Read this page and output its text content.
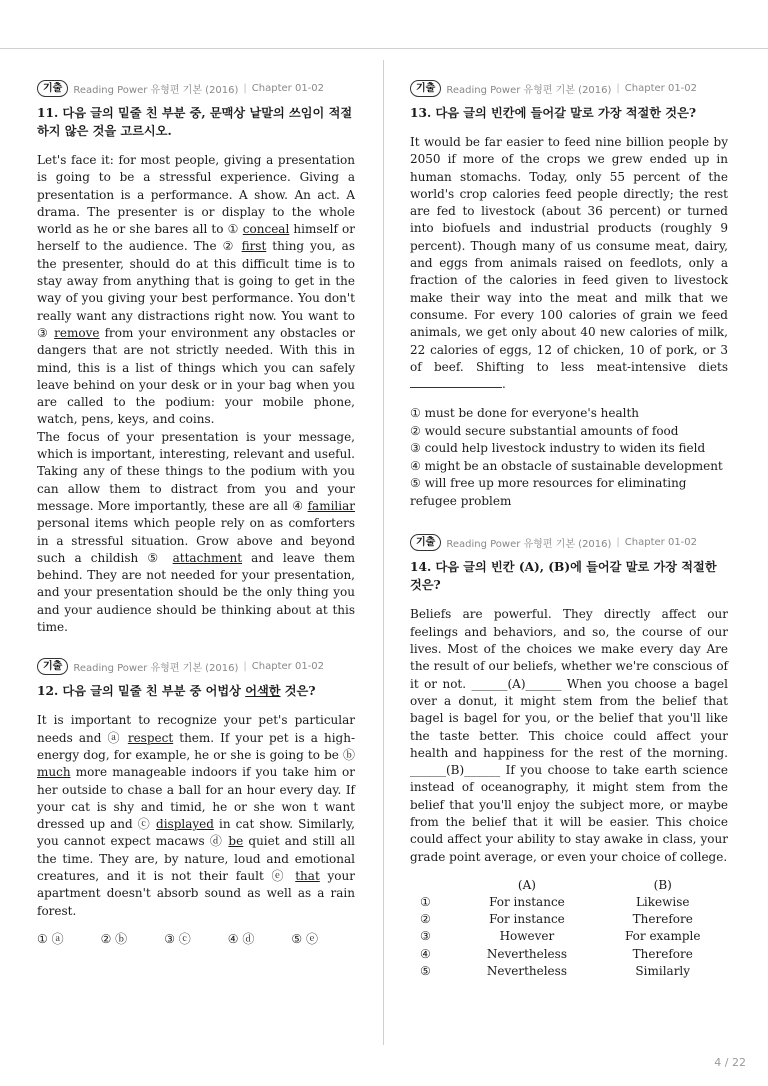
기출	Reading Power 유형편 기본 (2016) | Chapter 01-02
11. 다음 글의 밑줄 친 부분 중, 문맥상 낱말의 쓰임이 적절하지 않은 것을 고르시오.

Let's face it: for most people, giving a presentation is going to be a stressful experience. Giving a presentation is a performance. A show. An act. A drama. The presenter is or display to the whole world as he or she bares all to ① conceal himself or herself to the audience. The ② first thing you, as the presenter, should do at this difficult time is to stay away from anything that is going to get in the way of you giving your best performance. You don't really want any distractions right now. You want to ③ remove from your environment any obstacles or dangers that are not strictly needed. With this in mind, this is a list of things which you can safely leave behind on your desk or in your bag when you are called to the podium: your mobile phone, watch, pens, keys, and coins.

The focus of your presentation is your message, which is important, interesting, relevant and useful. Taking any of these things to the podium with you can allow them to distract from you and your message. More importantly, these are all ④ familiar personal items which people rely on as comforters in a stressful situation. Grow above and beyond such a childish ⑤ attachment and leave them behind. They are not needed for your presentation, and your presentation should be the only thing you and your audience should be thinking about at this time.

기출	Reading Power 유형편 기본 (2016) | Chapter 01-02
12. 다음 글의 밑줄 친 부분 중 어법상 어색한 것은?

It is important to recognize your pet's particular needs and ⓐ respect them. If your pet is a high-energy dog, for example, he or she is going to be ⓑ much more manageable indoors if you take him or her outside to chase a ball for an hour every day. If your cat is shy and timid, he or she won t want dressed up and ⓒ displayed in cat show. Similarly, you cannot expect macaws ⓓ be quiet and still all the time. They are, by nature, loud and emotional creatures, and it is not their fault ⓔ that your apartment doesn't absorb sound as well as a rain forest.

① ⓐ	② ⓑ	③ ⓒ	④ ⓓ	⑤ ⓔ
기출	Reading Power 유형편 기본 (2016) | Chapter 01-02
13. 다음 글의 빈칸에 들어갈 말로 가장 적절한 것은?

It would be far easier to feed nine billion people by 2050 if more of the crops we grew ended up in human stomachs. Today, only 55 percent of the world's crop calories feed people directly; the rest are fed to livestock (about 36 percent) or turned into biofuels and industrial products (roughly 9 percent). Though many of us consume meat, dairy, and eggs from animals raised on feedlots, only a fraction of the calories in feed given to livestock make their way into the meat and milk that we consume. For every 100 calories of grain we feed animals, we get only about 40 new calories of milk, 22 calories of eggs, 12 of chicken, 10 of pork, or 3 of beef. Shifting to less meat-intensive diets .

① must be done for everyone's health
② would secure substantial amounts of food
③ could help livestock industry to widen its field
④ might be an obstacle of sustainable development
⑤ will free up more resources for eliminating refugee problem
기출	Reading Power 유형편 기본 (2016) | Chapter 01-02
14. 다음 글의 빈칸 (A), (B)에 들어갈 말로 가장 적절한 것은?

Beliefs are powerful. They directly affect our feelings and behaviors, and so, the course of our lives. Most of the choices we make every day Are the result of our beliefs, whether we're conscious of it or not. ______(A)______ When you choose a bagel over a donut, it might stem from the belief that bagel is bagel for you, or the belief that you'll like the taste better. This choice could affect your health and happiness for the rest of the morning. ______(B)______ If you choose to take earth science instead of oceanography, it might stem from the belief that you'll enjoy the subject more, or maybe from the belief that it will be easier. This choice could affect your ability to stay awake in class, your grade point average, or even your choice of college.

	(A)	(B)
①	For instance	Likewise
②	For instance	Therefore
③	However	For example
④	Nevertheless	Therefore
⑤	Nevertheless	Similarly
4 / 22
